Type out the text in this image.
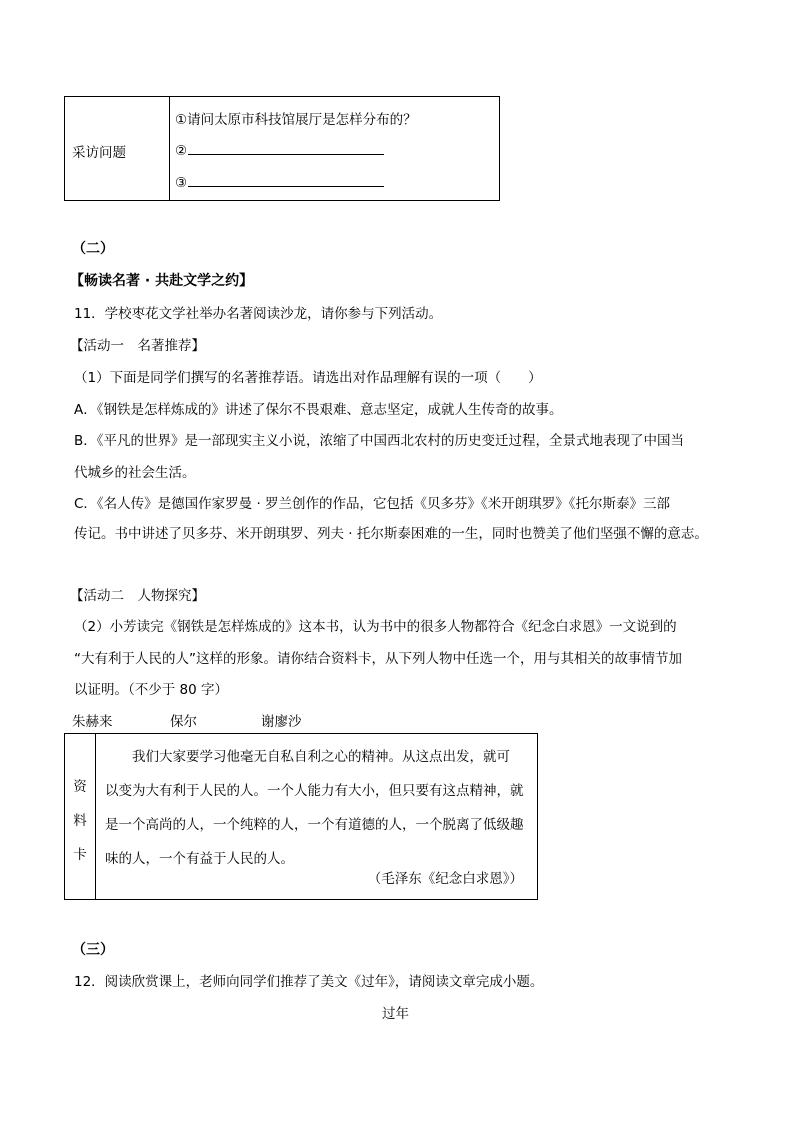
采访问题
①请问太原市科技馆展厅是怎样分布的？
②
③
（二）
【畅读名著 · 共赴文学之约】
11．学校枣花文学社举办名著阅读沙龙，请你参与下列活动。
【活动一　名著推荐】
（1）下面是同学们撰写的名著推荐语。请选出对作品理解有误的一项（　　）
A．《钢铁是怎样炼成的》讲述了保尔不畏艰难、意志坚定，成就人生传奇的故事。
B．《平凡的世界》是一部现实主义小说，浓缩了中国西北农村的历史变迁过程，全景式地表现了中国当
代城乡的社会生活。
C．《名人传》是德国作家罗曼 · 罗兰创作的作品，它包括《贝多芬》《米开朗琪罗》《托尔斯泰》三部
传记。书中讲述了贝多芬、米开朗琪罗、列夫 · 托尔斯泰困难的一生，同时也赞美了他们坚强不懈的意志。
【活动二　人物探究】
（2）小芳读完《钢铁是怎样炼成的》这本书，认为书中的很多人物都符合《纪念白求恩》一文说到的
“大有利于人民的人”这样的形象。请你结合资料卡，从下列人物中任选一个，用与其相关的故事情节加
以证明。（不少于 80 字）
朱赫来	保尔	谢廖沙
资
料
卡
我们大家要学习他毫无自私自利之心的精神。从这点出发，就可
以变为大有利于人民的人。一个人能力有大小，但只要有这点精神，就是一个高尚的人，一个纯粹的人，一个有道德的人，一个脱离了低级趣味的人，一个有益于人民的人。
（毛泽东《纪念白求恩》）
（三）
12．阅读欣赏课上，老师向同学们推荐了美文《过年》，请阅读文章完成小题。
过年
